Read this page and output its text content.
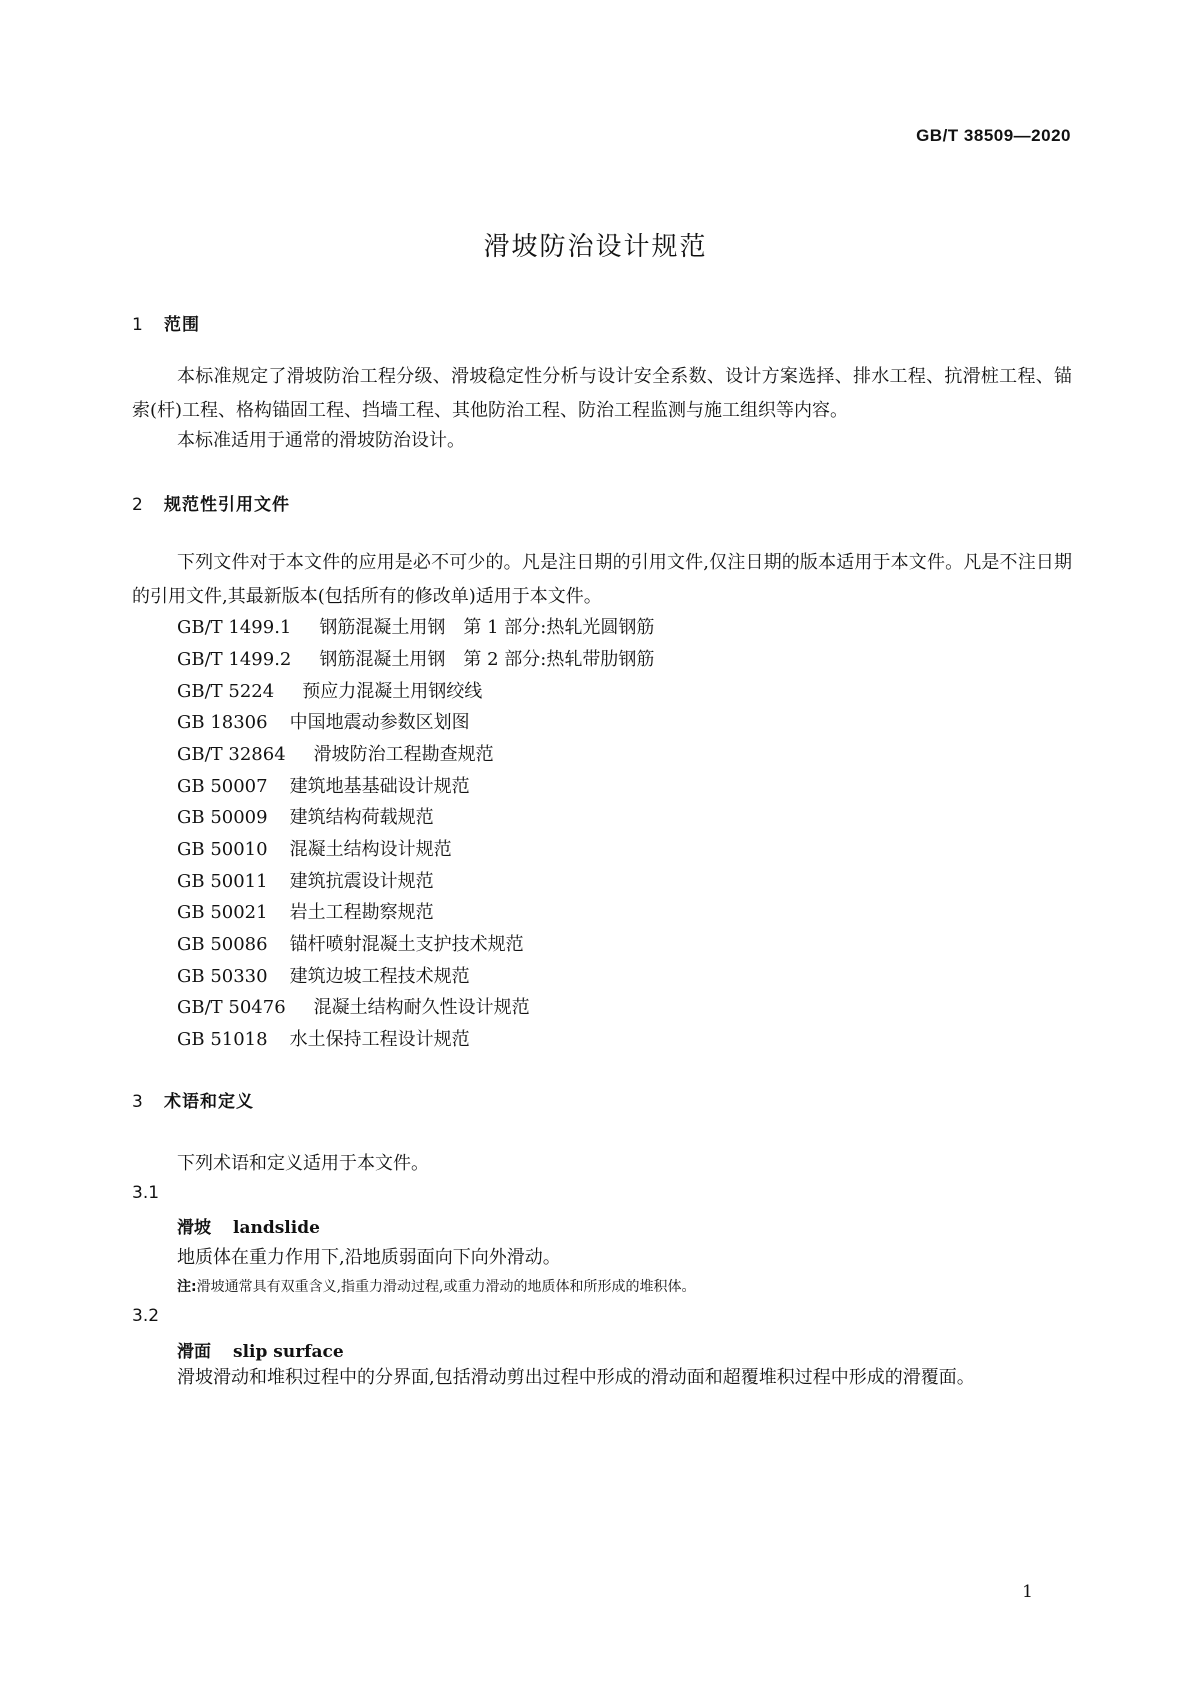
GB/T 38509—2020
滑坡防治设计规范
1 范围
本标准规定了滑坡防治工程分级、滑坡稳定性分析与设计安全系数、设计方案选择、排水工程、抗滑桩工程、锚索(杆)工程、格构锚固工程、挡墙工程、其他防治工程、防治工程监测与施工组织等内容。
本标准适用于通常的滑坡防治设计。
2 规范性引用文件
下列文件对于本文件的应用是必不可少的。凡是注日期的引用文件,仅注日期的版本适用于本文件。凡是不注日期的引用文件,其最新版本(包括所有的修改单)适用于本文件。
GB/T 1499.1 钢筋混凝土用钢　第 1 部分:热轧光圆钢筋
GB/T 1499.2 钢筋混凝土用钢　第 2 部分:热轧带肋钢筋
GB/T 5224 预应力混凝土用钢绞线
GB 18306 中国地震动参数区划图
GB/T 32864 滑坡防治工程勘查规范
GB 50007 建筑地基基础设计规范
GB 50009 建筑结构荷载规范
GB 50010 混凝土结构设计规范
GB 50011 建筑抗震设计规范
GB 50021 岩土工程勘察规范
GB 50086 锚杆喷射混凝土支护技术规范
GB 50330 建筑边坡工程技术规范
GB/T 50476 混凝土结构耐久性设计规范
GB 51018 水土保持工程设计规范
3 术语和定义
下列术语和定义适用于本文件。
3.1
滑坡 landslide
地质体在重力作用下,沿地质弱面向下向外滑动。
注:滑坡通常具有双重含义,指重力滑动过程,或重力滑动的地质体和所形成的堆积体。
3.2
滑面 slip surface
滑坡滑动和堆积过程中的分界面,包括滑动剪出过程中形成的滑动面和超覆堆积过程中形成的滑覆面。
1
